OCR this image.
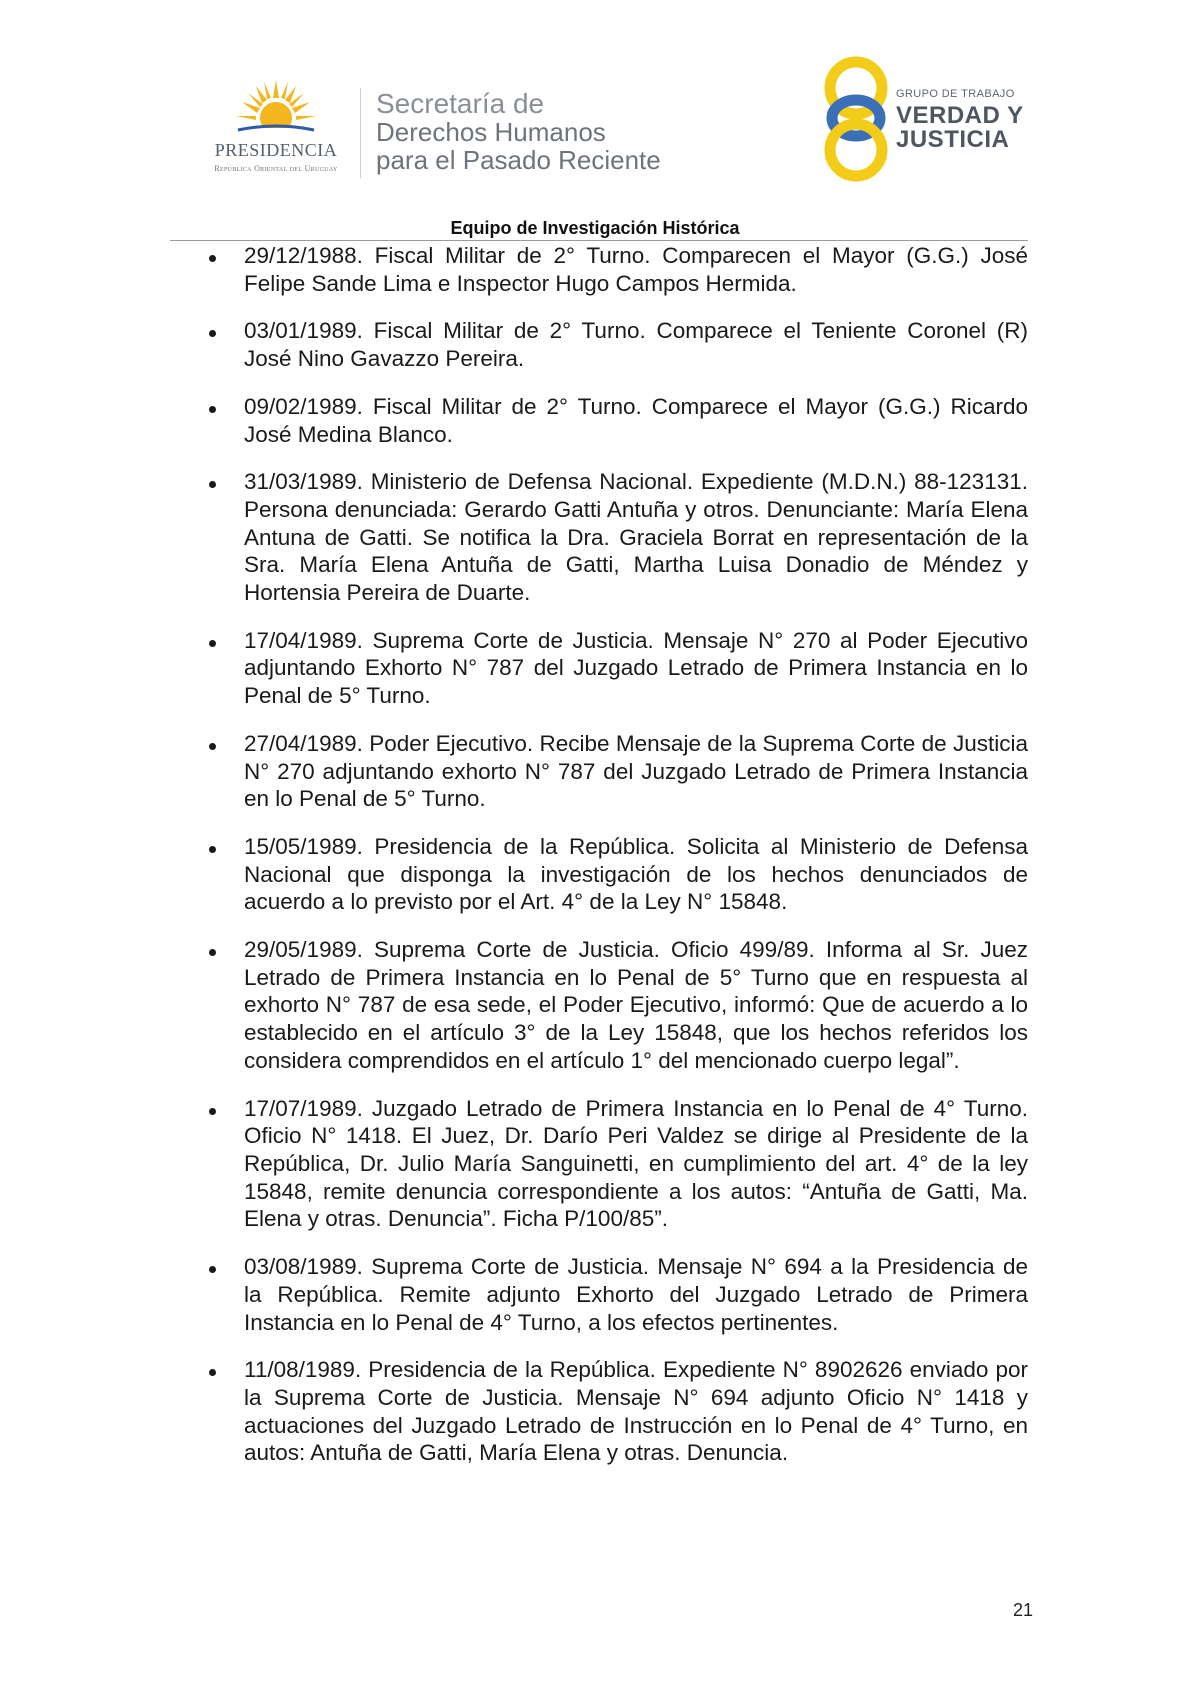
PRESIDENCIA
República Oriental del Uruguay
Secretaría de
Derechos Humanos
para el Pasado Reciente
GRUPO DE TRABAJO
VERDAD Y
JUSTICIA
Equipo de Investigación Histórica
29/12/1988. Fiscal Militar de 2° Turno. Comparecen el Mayor (G.G.) José Felipe Sande Lima e Inspector Hugo Campos Hermida.
03/01/1989. Fiscal Militar de 2° Turno. Comparece el Teniente Coronel (R) José Nino Gavazzo Pereira.
09/02/1989. Fiscal Militar de 2° Turno. Comparece el Mayor (G.G.) Ricardo José Medina Blanco.
31/03/1989. Ministerio de Defensa Nacional. Expediente (M.D.N.) 88-123131. Persona denunciada: Gerardo Gatti Antuña y otros. Denunciante: María Elena Antuna de Gatti. Se notifica la Dra. Graciela Borrat en representación de la Sra. María Elena Antuña de Gatti, Martha Luisa Donadio de Méndez y Hortensia Pereira de Duarte.
17/04/1989. Suprema Corte de Justicia. Mensaje N° 270 al Poder Ejecutivo adjuntando Exhorto N° 787 del Juzgado Letrado de Primera Instancia en lo Penal de 5° Turno.
27/04/1989. Poder Ejecutivo. Recibe Mensaje de la Suprema Corte de Justicia N° 270 adjuntando exhorto N° 787 del Juzgado Letrado de Primera Instancia en lo Penal de 5° Turno.
15/05/1989. Presidencia de la República. Solicita al Ministerio de Defensa Nacional que disponga la investigación de los hechos denunciados de acuerdo a lo previsto por el Art. 4° de la Ley N° 15848.
29/05/1989. Suprema Corte de Justicia. Oficio 499/89. Informa al Sr. Juez Letrado de Primera Instancia en lo Penal de 5° Turno que en respuesta al exhorto N° 787 de esa sede, el Poder Ejecutivo, informó: Que de acuerdo a lo establecido en el artículo 3° de la Ley 15848, que los hechos referidos los considera comprendidos en el artículo 1° del mencionado cuerpo legal”.
17/07/1989. Juzgado Letrado de Primera Instancia en lo Penal de 4° Turno. Oficio N° 1418. El Juez, Dr. Darío Peri Valdez se dirige al Presidente de la República, Dr. Julio María Sanguinetti, en cumplimiento del art. 4° de la ley 15848, remite denuncia correspondiente a los autos: “Antuña de Gatti, Ma. Elena y otras. Denuncia”. Ficha P/100/85”.
03/08/1989. Suprema Corte de Justicia. Mensaje N° 694 a la Presidencia de la República. Remite adjunto Exhorto del Juzgado Letrado de Primera Instancia en lo Penal de 4° Turno, a los efectos pertinentes.
11/08/1989. Presidencia de la República. Expediente N° 8902626 enviado por la Suprema Corte de Justicia. Mensaje N° 694 adjunto Oficio N° 1418 y actuaciones del Juzgado Letrado de Instrucción en lo Penal de 4° Turno, en autos: Antuña de Gatti, María Elena y otras. Denuncia.
21
